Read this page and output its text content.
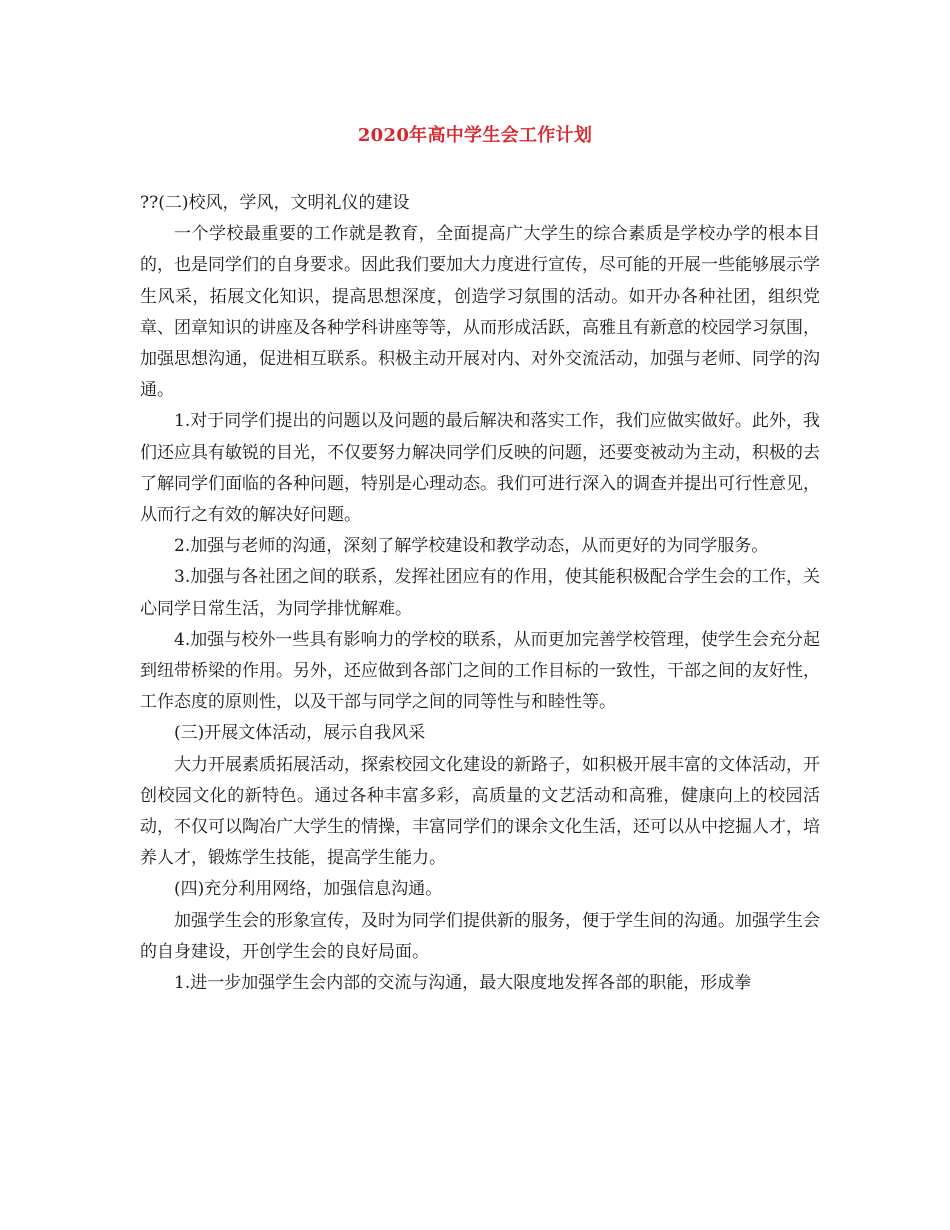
2020年高中学生会工作计划

??(二)校风，学风，文明礼仪的建设

一个学校最重要的工作就是教育，全面提高广大学生的综合素质是学校办学的根本目的，也是同学们的自身要求。因此我们要加大力度进行宣传，尽可能的开展一些能够展示学生风采，拓展文化知识，提高思想深度，创造学习氛围的活动。如开办各种社团，组织党章、团章知识的讲座及各种学科讲座等等，从而形成活跃，高雅且有新意的校园学习氛围，加强思想沟通，促进相互联系。积极主动开展对内、对外交流活动，加强与老师、同学的沟通。

1.对于同学们提出的问题以及问题的最后解决和落实工作，我们应做实做好。此外，我们还应具有敏锐的目光，不仅要努力解决同学们反映的问题，还要变被动为主动，积极的去了解同学们面临的各种问题，特别是心理动态。我们可进行深入的调查并提出可行性意见，从而行之有效的解决好问题。

2.加强与老师的沟通，深刻了解学校建设和教学动态，从而更好的为同学服务。

3.加强与各社团之间的联系，发挥社团应有的作用，使其能积极配合学生会的工作，关心同学日常生活，为同学排忧解难。

4.加强与校外一些具有影响力的学校的联系，从而更加完善学校管理，使学生会充分起到纽带桥梁的作用。另外，还应做到各部门之间的工作目标的一致性，干部之间的友好性，工作态度的原则性，以及干部与同学之间的同等性与和睦性等。

(三)开展文体活动，展示自我风采

大力开展素质拓展活动，探索校园文化建设的新路子，如积极开展丰富的文体活动，开创校园文化的新特色。通过各种丰富多彩，高质量的文艺活动和高雅，健康向上的校园活动，不仅可以陶冶广大学生的情操，丰富同学们的课余文化生活，还可以从中挖掘人才，培养人才，锻炼学生技能，提高学生能力。

(四)充分利用网络，加强信息沟通。

加强学生会的形象宣传，及时为同学们提供新的服务，便于学生间的沟通。加强学生会的自身建设，开创学生会的良好局面。

1.进一步加强学生会内部的交流与沟通，最大限度地发挥各部的职能，形成拳
